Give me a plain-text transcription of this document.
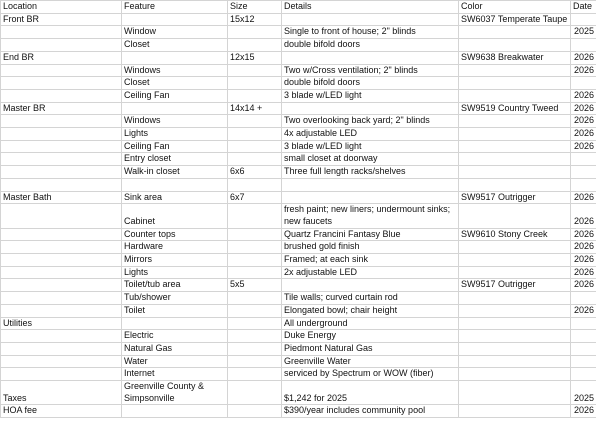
Location	Feature	Size	Details	Color	Date
Front BR		15x12		SW6037 Temperate Taupe	
	Window		Single to front of house; 2" blinds		2025
	Closet		double bifold doors		
End BR		12x15		SW9638 Breakwater	2026
	Windows		Two w/Cross ventilation; 2" blinds		2026
	Closet		double bifold doors		
	Ceiling Fan		3 blade w/LED light		2026
Master BR		14x14 +		SW9519 Country Tweed	2026
	Windows		Two overlooking back yard; 2" blinds		2026
	Lights		4x adjustable LED		2026
	Ceiling Fan		3 blade w/LED light		2026
	Entry closet		small closet at doorway		
	Walk-in closet	6x6	Three full length racks/shelves		

Master Bath	Sink area	6x7		SW9517 Outrigger	2026
	Cabinet		fresh paint; new liners; undermount sinks; new faucets		2026
	Counter tops		Quartz Francini Fantasy Blue	SW9610 Stony Creek	2026
	Hardware		brushed gold finish		2026
	Mirrors		Framed; at each sink		2026
	Lights		2x adjustable LED		2026
	Toilet/tub area	5x5		SW9517 Outrigger	2026
	Tub/shower		Tile walls; curved curtain rod		
	Toilet		Elongated bowl; chair height		2026
Utilities			All underground		
	Electric		Duke Energy		
	Natural Gas		Piedmont Natural Gas		
	Water		Greenville Water		
	Internet		serviced by Spectrum or WOW (fiber)		
Taxes	Greenville County & Simpsonville		$1,242 for 2025		2025
HOA fee			$390/year includes community pool		2026
